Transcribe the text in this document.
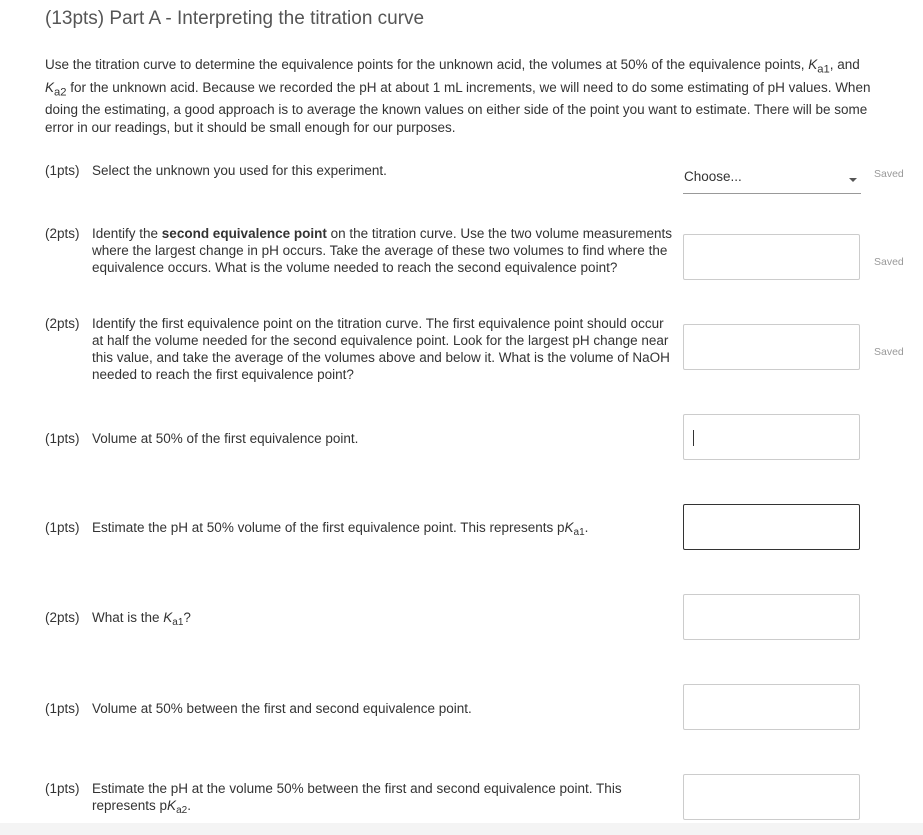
(13pts) Part A - Interpreting the titration curve

Use the titration curve to determine the equivalence points for the unknown acid, the volumes at 50% of the equivalence points, $K_{a1}$, and $K_{a2}$ for the unknown acid. Because we recorded the pH at about 1 mL increments, we will need to do some estimating of pH values. When doing the estimating, a good approach is to average the known values on either side of the point you want to estimate. There will be some error in our readings, but it should be small enough for our purposes.

(1pts) Select the unknown you used for this experiment.	Choose...	Saved
(2pts) Identify the second equivalence point on the titration curve. Use the two volume measurements where the largest change in pH occurs. Take the average of these two volumes to find where the equivalence occurs. What is the volume needed to reach the second equivalence point?	Saved
(2pts) Identify the first equivalence point on the titration curve. The first equivalence point should occur at half the volume needed for the second equivalence point. Look for the largest pH change near this value, and take the average of the volumes above and below it. What is the volume of NaOH needed to reach the first equivalence point?
Saved
(1pts) Volume at 50% of the first equivalence point.
(1pts) Estimate the pH at 50% volume of the first equivalence point. This represents $pK_{a1}$.
(2pts) What is the $K_{a1}$?
(1pts) Volume at 50% between the first and second equivalence point.
(1pts) Estimate the pH at the volume 50% between the first and second equivalence point. This represents $pK_{a2}$.
